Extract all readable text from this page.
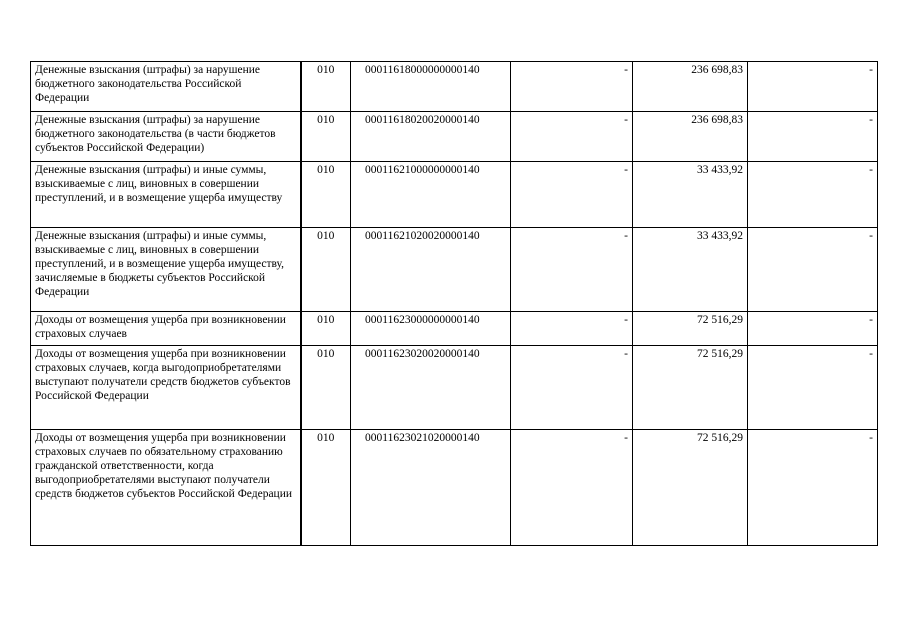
Денежные взыскания (штрафы) за нарушение бюджетного законодательства Российской Федерации	010	00011618000000000140	-	236 698,83	-
Денежные взыскания (штрафы) за нарушение бюджетного законодательства (в части бюджетов субъектов Российской Федерации)	010	00011618020020000140	-	236 698,83	-
Денежные взыскания (штрафы) и иные суммы, взыскиваемые с лиц, виновных в совершении преступлений, и в возмещение ущерба имуществу	010	00011621000000000140	-	33 433,92	-
Денежные взыскания (штрафы) и иные суммы, взыскиваемые с лиц, виновных в совершении преступлений, и в возмещение ущерба имуществу, зачисляемые в бюджеты субъектов Российской Федерации	010	00011621020020000140	-	33 433,92	-
Доходы от возмещения ущерба при возникновении страховых случаев	010	00011623000000000140	-	72 516,29	-
Доходы от возмещения ущерба при возникновении страховых случаев, когда выгодоприобретателями выступают получатели средств бюджетов субъектов Российской Федерации	010	00011623020020000140	-	72 516,29	-
Доходы от возмещения ущерба при возникновении страховых случаев по обязательному страхованию гражданской ответственности, когда выгодоприобретателями выступают получатели средств бюджетов субъектов Российской Федерации	010	00011623021020000140	-	72 516,29	-
